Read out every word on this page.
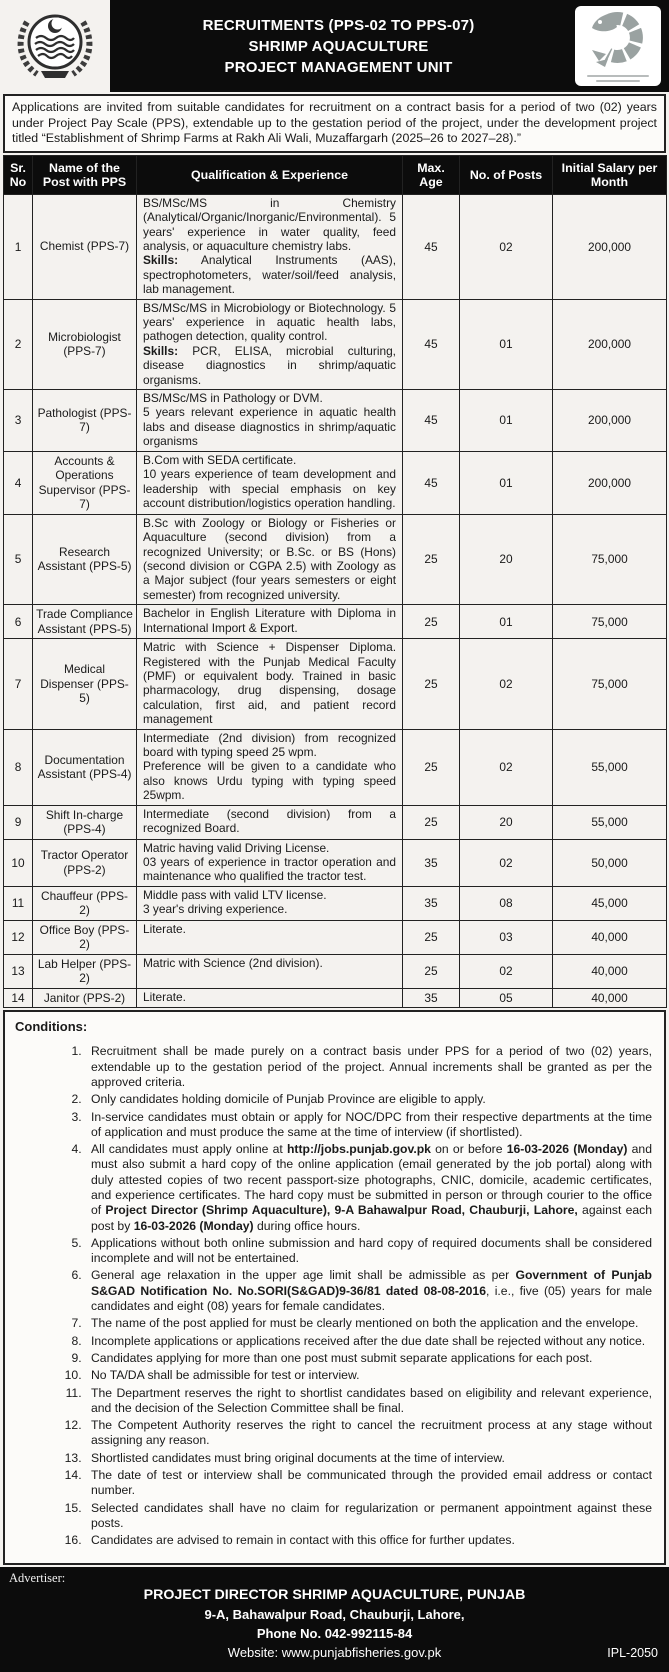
RECRUITMENTS (PPS-02 TO PPS-07)
SHRIMP AQUACULTURE
PROJECT MANAGEMENT UNIT
Applications are invited from suitable candidates for recruitment on a contract basis for a period of two (02) years under Project Pay Scale (PPS), extendable up to the gestation period of the project, under the development project titled “Establishment of Shrimp Farms at Rakh Ali Wali, Muzaffargarh (2025–26 to 2027–28).”
Sr. No	Name of the Post with PPS	Qualification & Experience	Max. Age	No. of Posts	Initial Salary per Month
1	Chemist (PPS-7)	BS/MSc/MS in Chemistry (Analytical/Organic/Inorganic/Environmental). 5 years' experience in water quality, feed analysis, or aquaculture chemistry labs.
Skills: Analytical Instruments (AAS), spectrophotometers, water/soil/feed analysis, lab management.	45	02	200,000
2	Microbiologist (PPS-7)	BS/MSc/MS in Microbiology or Biotechnology. 5 years' experience in aquatic health labs, pathogen detection, quality control.
Skills: PCR, ELISA, microbial culturing, disease diagnostics in shrimp/aquatic organisms.	45	01	200,000
3	Pathologist (PPS-7)	BS/MSc/MS in Pathology or DVM.
5 years relevant experience in aquatic health labs and disease diagnostics in shrimp/aquatic organisms	45	01	200,000
4	Accounts & Operations Supervisor (PPS-7)	B.Com with SEDA certificate.
10 years experience of team development and leadership with special emphasis on key account distribution/logistics operation handling.	45	01	200,000
5	Research Assistant (PPS-5)	B.Sc with Zoology or Biology or Fisheries or Aquaculture (second division) from a recognized University; or B.Sc. or BS (Hons) (second division or CGPA 2.5) with Zoology as a Major subject (four years semesters or eight semester) from recognized university.	25	20	75,000
6	Trade Compliance Assistant (PPS-5)	Bachelor in English Literature with Diploma in International Import & Export.	25	01	75,000
7	Medical Dispenser (PPS-5)	Matric with Science + Dispenser Diploma. Registered with the Punjab Medical Faculty (PMF) or equivalent body. Trained in basic pharmacology, drug dispensing, dosage calculation, first aid, and patient record management	25	02	75,000
8	Documentation Assistant (PPS-4)	Intermediate (2nd division) from recognized board with typing speed 25 wpm.
Preference will be given to a candidate who also knows Urdu typing with typing speed 25wpm.	25	02	55,000
9	Shift In-charge (PPS-4)	Intermediate (second division) from a recognized Board.	25	20	55,000
10	Tractor Operator (PPS-2)	Matric having valid Driving License.
03 years of experience in tractor operation and maintenance who qualified the tractor test.	35	02	50,000
11	Chauffeur (PPS-2)	Middle pass with valid LTV license.
3 year's driving experience.	35	08	45,000
12	Office Boy (PPS-2)	Literate.	25	03	40,000
13	Lab Helper (PPS-2)	Matric with Science (2nd division).	25	02	40,000
14	Janitor (PPS-2)	Literate.	35	05	40,000
Conditions:
1. Recruitment shall be made purely on a contract basis under PPS for a period of two (02) years, extendable up to the gestation period of the project. Annual increments shall be granted as per the approved criteria.
2. Only candidates holding domicile of Punjab Province are eligible to apply.
3. In-service candidates must obtain or apply for NOC/DPC from their respective departments at the time of application and must produce the same at the time of interview (if shortlisted).
4. All candidates must apply online at http://jobs.punjab.gov.pk on or before 16-03-2026 (Monday) and must also submit a hard copy of the online application (email generated by the job portal) along with duly attested copies of two recent passport-size photographs, CNIC, domicile, academic certificates, and experience certificates. The hard copy must be submitted in person or through courier to the office of Project Director (Shrimp Aquaculture), 9-A Bahawalpur Road, Chauburji, Lahore, against each post by 16-03-2026 (Monday) during office hours.
5. Applications without both online submission and hard copy of required documents shall be considered incomplete and will not be entertained.
6. General age relaxation in the upper age limit shall be admissible as per Government of Punjab S&GAD Notification No. No.SORI(S&GAD)9-36/81 dated 08-08-2016, i.e., five (05) years for male candidates and eight (08) years for female candidates.
7. The name of the post applied for must be clearly mentioned on both the application and the envelope.
8. Incomplete applications or applications received after the due date shall be rejected without any notice.
9. Candidates applying for more than one post must submit separate applications for each post.
10. No TA/DA shall be admissible for test or interview.
11. The Department reserves the right to shortlist candidates based on eligibility and relevant experience, and the decision of the Selection Committee shall be final.
12. The Competent Authority reserves the right to cancel the recruitment process at any stage without assigning any reason.
13. Shortlisted candidates must bring original documents at the time of interview.
14. The date of test or interview shall be communicated through the provided email address or contact number.
15. Selected candidates shall have no claim for regularization or permanent appointment against these posts.
16. Candidates are advised to remain in contact with this office for further updates.
Advertiser:
PROJECT DIRECTOR SHRIMP AQUACULTURE, PUNJAB
9-A, Bahawalpur Road, Chauburji, Lahore,
Phone No. 042-992115-84
Website: www.punjabfisheries.gov.pk	IPL-2050
